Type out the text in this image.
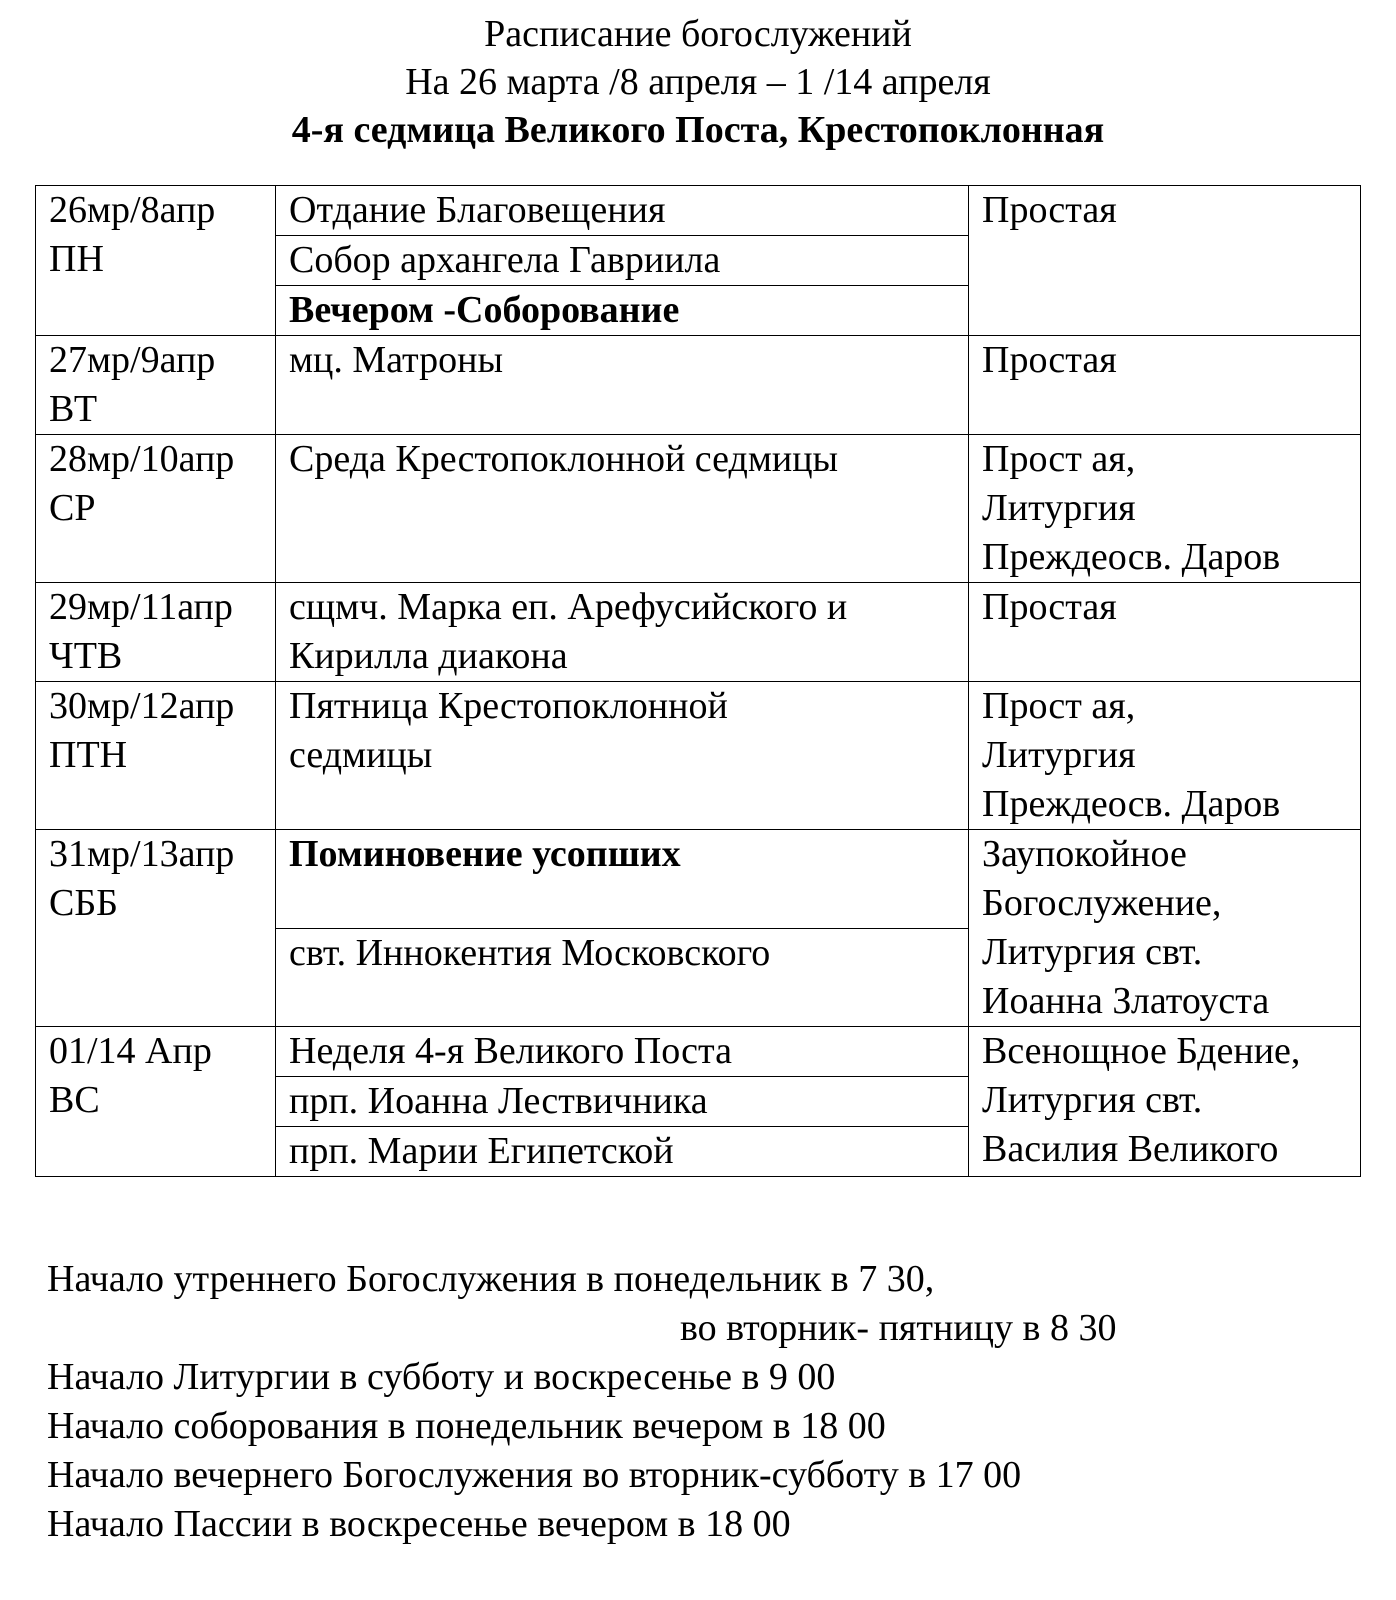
Расписание богослужений
На 26 марта /8 апреля – 1 /14 апреля
4-я седмица Великого Поста, Крестопоклонная
26мр/8апр
ПН	Отдание Благовещения	Простая
	Собор архангела Гавриила	
	Вечером -Соборование	
27мр/9апр
ВТ	мц. Матроны	Простая
28мр/10апр
СР	Среда Крестопоклонной седмицы	Прост ая,
Литургия
Преждеосв. Даров
29мр/11апр
ЧТВ	сщмч. Марка еп. Арефусийского и
Кирилла диакона	Простая
30мр/12апр
ПТН	Пятница Крестопоклонной
седмицы	Прост ая,
Литургия
Преждеосв. Даров
31мр/13апр
СББ	Поминовение усопших	Заупокойное
Богослужение,
Литургия свт.
Иоанна Златоуста
	свт. Иннокентия Московского	
01/14 Апр
ВС	Неделя 4-я Великого Поста	Всенощное Бдение,
Литургия свт.
Василия Великого
	прп. Иоанна Лествичника	
	прп. Марии Египетской	
Начало утреннего Богослужения в понедельник в 7 30,
во вторник- пятницу в 8 30
Начало Литургии в субботу и воскресенье в 9 00
Начало соборования в понедельник вечером в 18 00
Начало вечернего Богослужения во вторник-субботу в 17 00
Начало Пассии в воскресенье вечером в 18 00
